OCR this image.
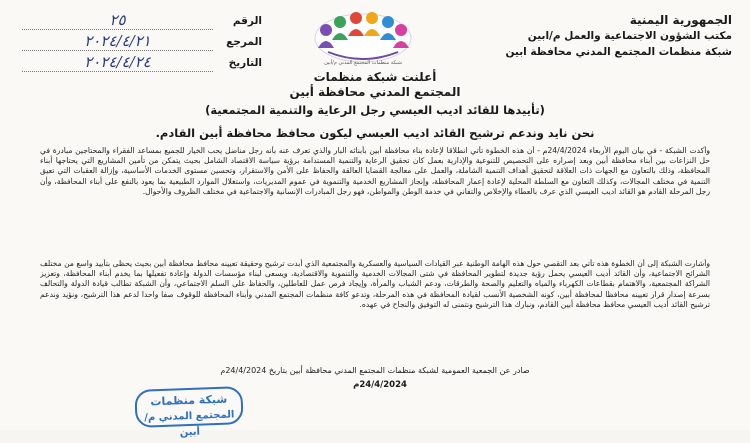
الجمهورية اليمنية
مكتب الشؤون الاجتماعية والعمل م/ابين
شبكة منظمات المجتمع المدني محافظة ابين
الرقم
٢٥
المرجع
٢٠٢٤/٤/٢١
التاريخ
٢٠٢٤/٤/٢٤	شبكة منظمات المجتمع المدني م/أبين
أعلنت شبكة منظمات
المجتمع المدني محافظة أبين
(تأييدها للقائد اديب العيسي رجل الرعاية والتنمية المجتمعية)
نحن نايد وندعم ترشيح القائد اديب العيسي ليكون محافظ محافظة أبين القادم.
وأكدت الشبكة - في بيان اليوم الأربعاء 24/4/2024م - أن هذه الخطوة تأتي انطلاقا لإعادة بناء محافظة أبين بأبنائه البار والذي تعرف عنه بأنه رجل مناضل يحب الخيار للجميع بمساعد الفقراء والمحتاجين مبادرة في حل النزاعات بين أبناء محافظة أبين وبعد إصراره على التحصيص للتنوعية والإدارية بعمل كان تحقيق الرعاية والتنمية المستدامة برؤية سياسة الاقتصاد الشامل بحيث يتمكن من تأمين المشاريع التي يحتاجها أبناء المحافظة، وذلك بالتعاون مع الجهات ذات العلاقة لتحقيق أهداف التنمية الشاملة، والعمل على معالجة القضايا العالقة والحفاظ على الأمن والاستقرار، وتحسين مستوى الخدمات الأساسية، وإزالة العقبات التي تعيق التنمية في مختلف المجالات، وكذلك التعاون مع السلطة المحلية لإعادة إعمار المحافظة، وإنجاز المشاريع الخدمية والتنموية في عموم المديريات، واستغلال الموارد الطبيعية بما يعود بالنفع على أبناء المحافظة، وأن رجل المرحلة القادم هو القائد اديب العيسي الذي عرف بالعطاء والإخلاص والتفاني في خدمة الوطن والمواطن، فهو رجل المبادرات الإنسانية والاجتماعية في مختلف الظروف والأحوال.
وأشارت الشبكة إلى أن الخطوة هذه تأتي بعد التقصي حول هذه الهامة الوطنية عبر القيادات السياسية والعسكرية والمجتمعية الذي أبدت ترشيح وحقيقة تعيينه محافظ محافظة أبين بحيث يحظى بتأييد واسع من مختلف الشرائح الاجتماعية، وأن القائد أديب العيسي يحمل رؤية جديدة لتطوير المحافظة في شتى المجالات الخدمية والتنموية والاقتصادية، ويسعى لبناء مؤسسات الدولة وإعادة تفعيلها بما يخدم أبناء المحافظة، وتعزيز الشراكة المجتمعية، والاهتمام بقطاعات الكهرباء والمياه والتعليم والصحة والطرقات، ودعم الشباب والمرأة، وإيجاد فرص عمل للعاطلين، والحفاظ على السلم الاجتماعي، وأن الشبكة تطالب قيادة الدولة والتحالف بسرعة إصدار قرار تعيينه محافظا لمحافظة أبين، كونه الشخصية الأنسب لقيادة المحافظة في هذه المرحلة، وتدعو كافة منظمات المجتمع المدني وأبناء المحافظة للوقوف صفا واحدا لدعم هذا الترشيح، ونؤيد وندعم ترشيح القائد أديب العيسي محافظ محافظة أبين القادم، ونبارك هذا الترشيح ونتمنى له التوفيق والنجاح في عهده.
صادر عن الجمعية العمومية لشبكة منظمات المجتمع المدني محافظة أبين بتاريخ 24/4/2024م
24/4/2024م
شبكة منظمات
المجتمع المدني م/أبين
